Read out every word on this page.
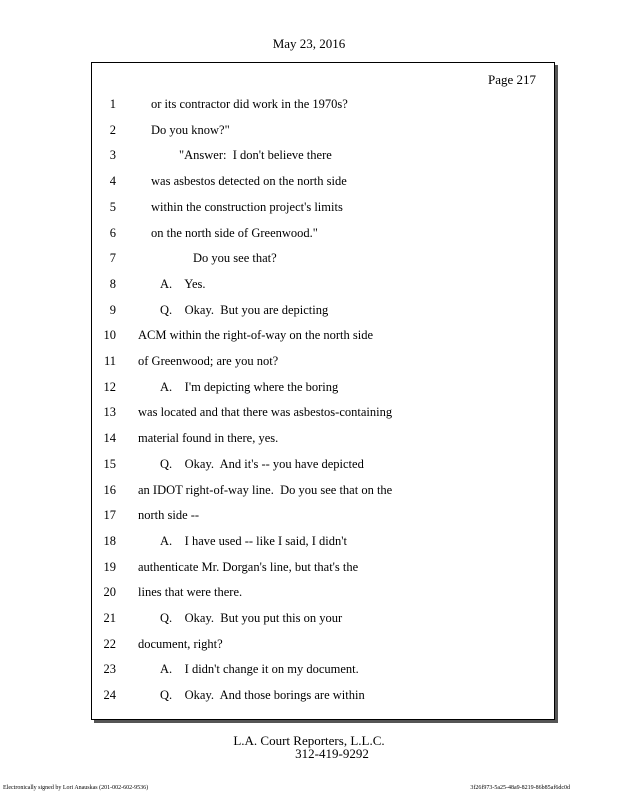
May 23, 2016
Page 217
1	or its contractor did work in the 1970s?
2	Do you know?"
3	"Answer:  I don't believe there
4	was asbestos detected on the north side
5	within the construction project's limits
6	on the north side of Greenwood."
7	Do you see that?
8	A.    Yes.
9	Q.    Okay.  But you are depicting
10 ACM within the right-of-way on the north side
11 of Greenwood; are you not?
12	A.    I'm depicting where the boring
13 was located and that there was asbestos-containing
14 material found in there, yes.
15	Q.    Okay.  And it's -- you have depicted
16 an IDOT right-of-way line.  Do you see that on the
17 north side --
18	A.    I have used -- like I said, I didn't
19 authenticate Mr. Dorgan's line, but that's the
20 lines that were there.
21	Q.    Okay.  But you put this on your
22 document, right?
23	A.    I didn't change it on my document.
24	Q.    Okay.  And those borings are within
L.A. Court Reporters, L.L.C.
312-419-9292
Electronically signed by Lori Anauskas (201-002-602-9536)	3f26f973-5a25-48a9-8219-86b85af6dc0d
